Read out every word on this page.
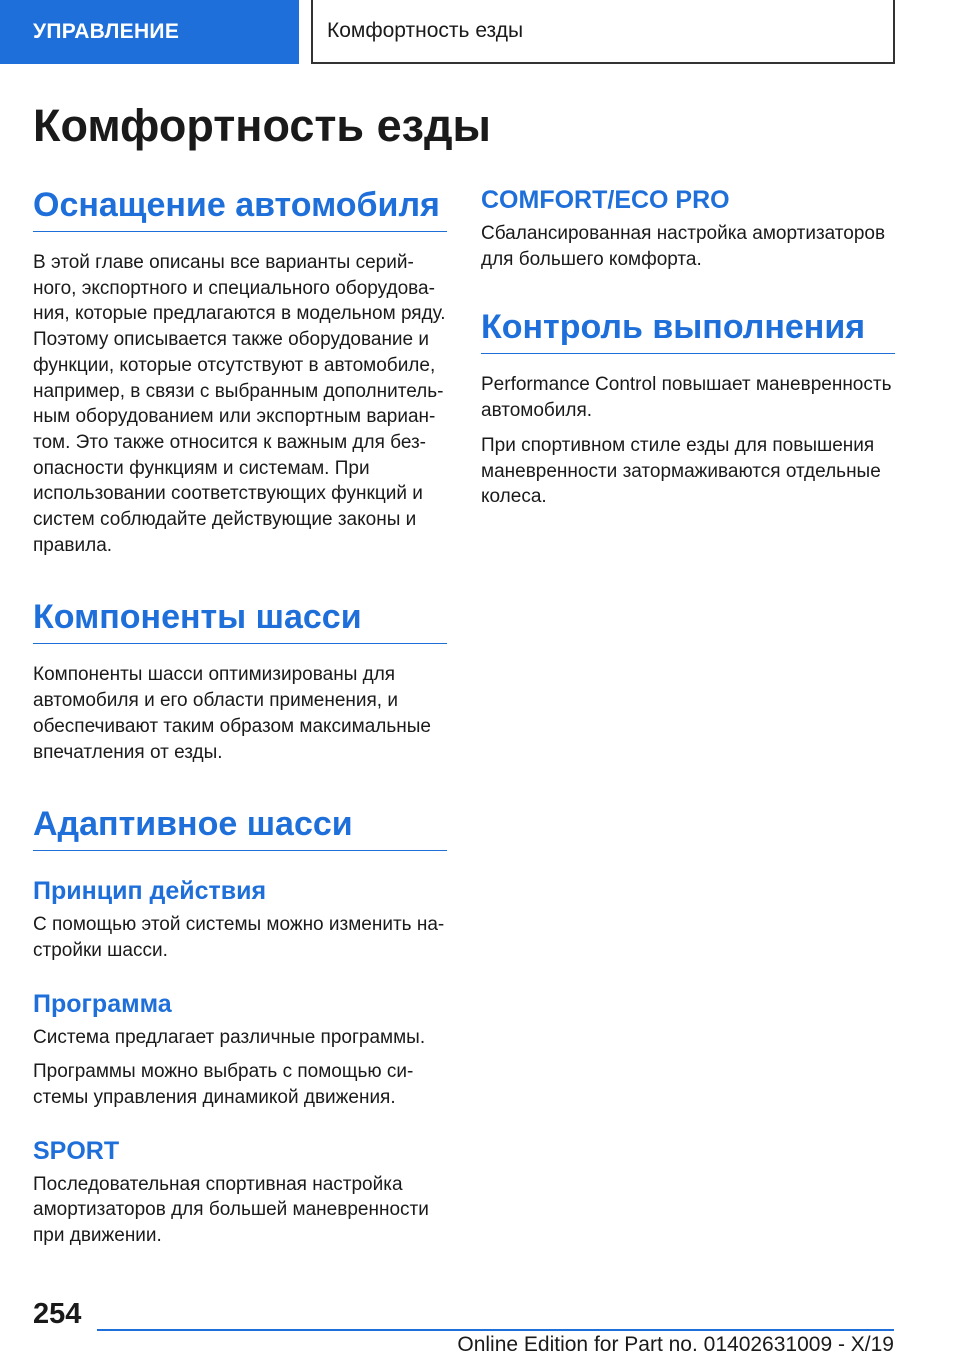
УПРАВЛЕНИЕ	Комфортность езды
Комфортность езды
Оснащение автомобиля

В этой главе описаны все варианты серий-
ного, экспортного и специального оборудова-
ния, которые предлагаются в модельном ряду.
Поэтому описывается также оборудование и
функции, которые отсутствуют в автомобиле,
например, в связи с выбранным дополнитель-
ным оборудованием или экспортным вариан-
том. Это также относится к важным для без-
опасности функциям и системам. При
использовании соответствующих функций и
систем соблюдайте действующие законы и
правила.

Компоненты шасси

Компоненты шасси оптимизированы для
автомобиля и его области применения, и
обеспечивают таким образом максимальные
впечатления от езды.

Адаптивное шасси
Принцип действия

С помощью этой системы можно изменить на-
стройки шасси.

Программа

Система предлагает различные программы.

Программы можно выбрать с помощью си-
стемы управления динамикой движения.

SPORT

Последовательная спортивная настройка
амортизаторов для большей маневренности
при движении.

COMFORT/ECO PRO

Сбалансированная настройка амортизаторов
для большего комфорта.

Контроль выполнения

Performance Control повышает маневренность
автомобиля.

При спортивном стиле езды для повышения
маневренности затормаживаются отдельные
колеса.

254
Online Edition for Part no. 01402631009 - X/19
